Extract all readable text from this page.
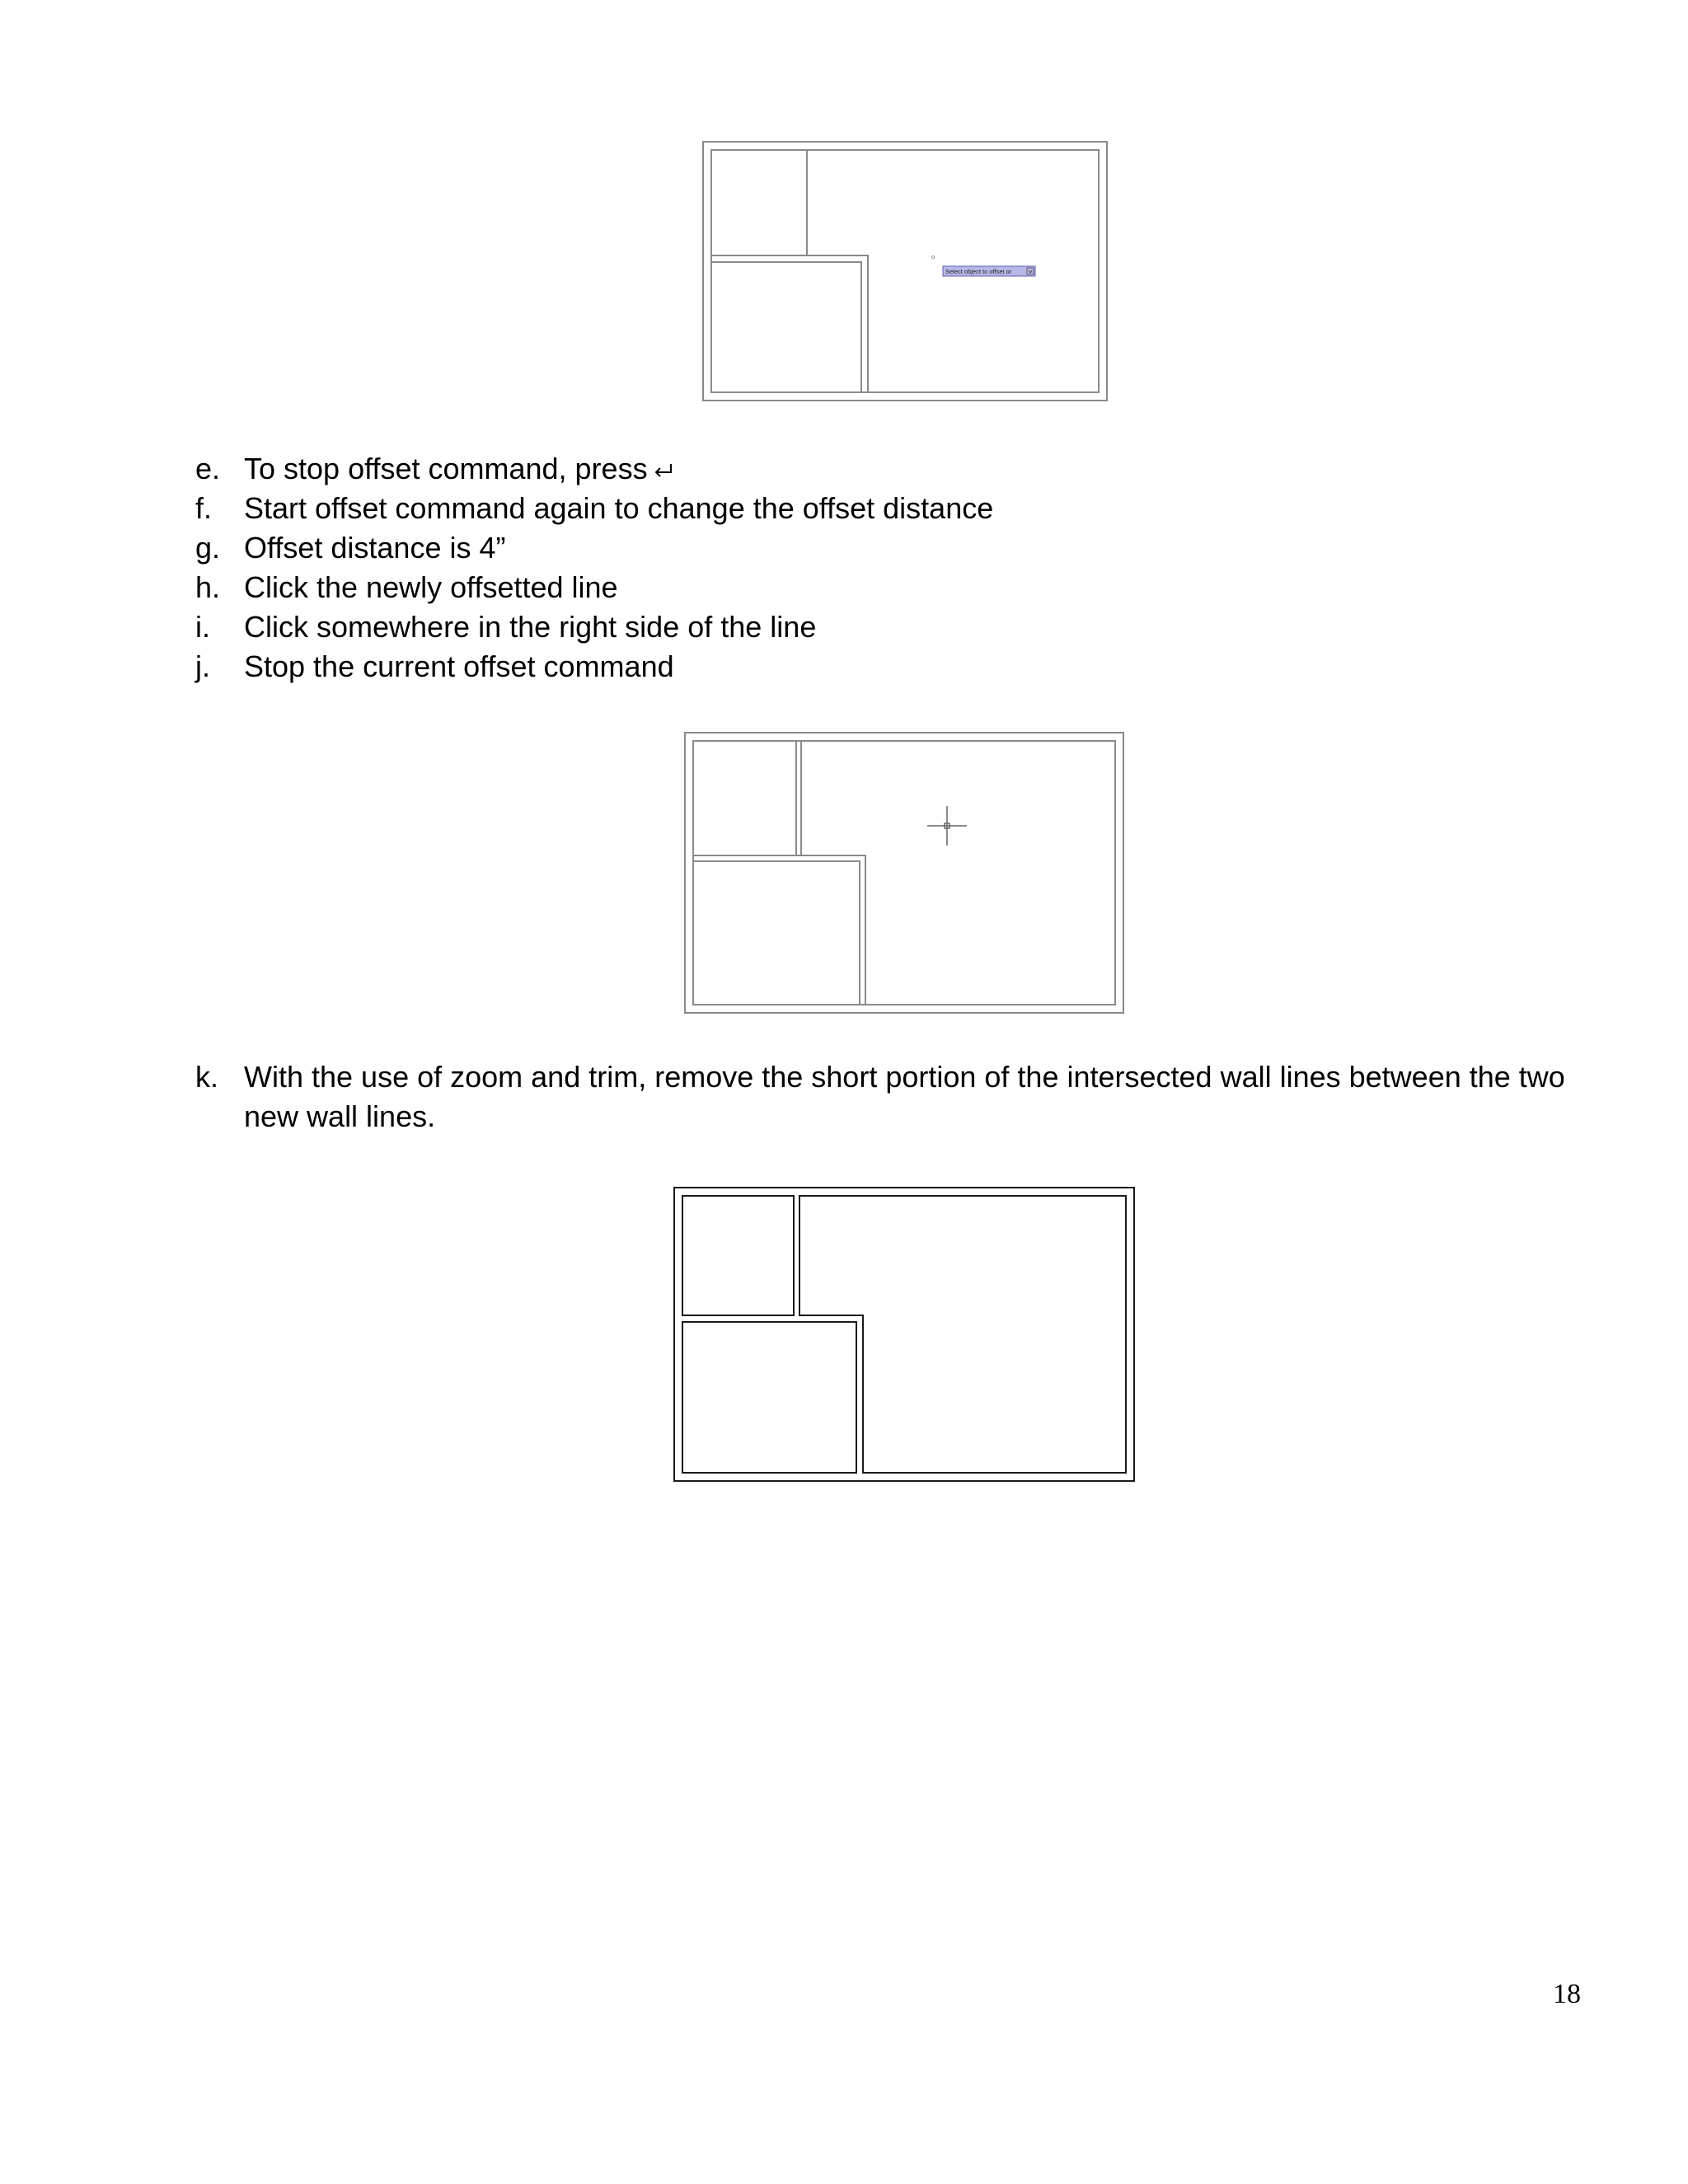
o
Select object to offset or
e. To stop offset command, press
f. Start offset command again to change the offset distance
g. Offset distance is 4”
h. Click the newly offsetted line
i. Click somewhere in the right side of the line
j. Stop the current offset command
k. With the use of zoom and trim, remove the short portion of the intersected wall lines between the two new wall lines.
18
